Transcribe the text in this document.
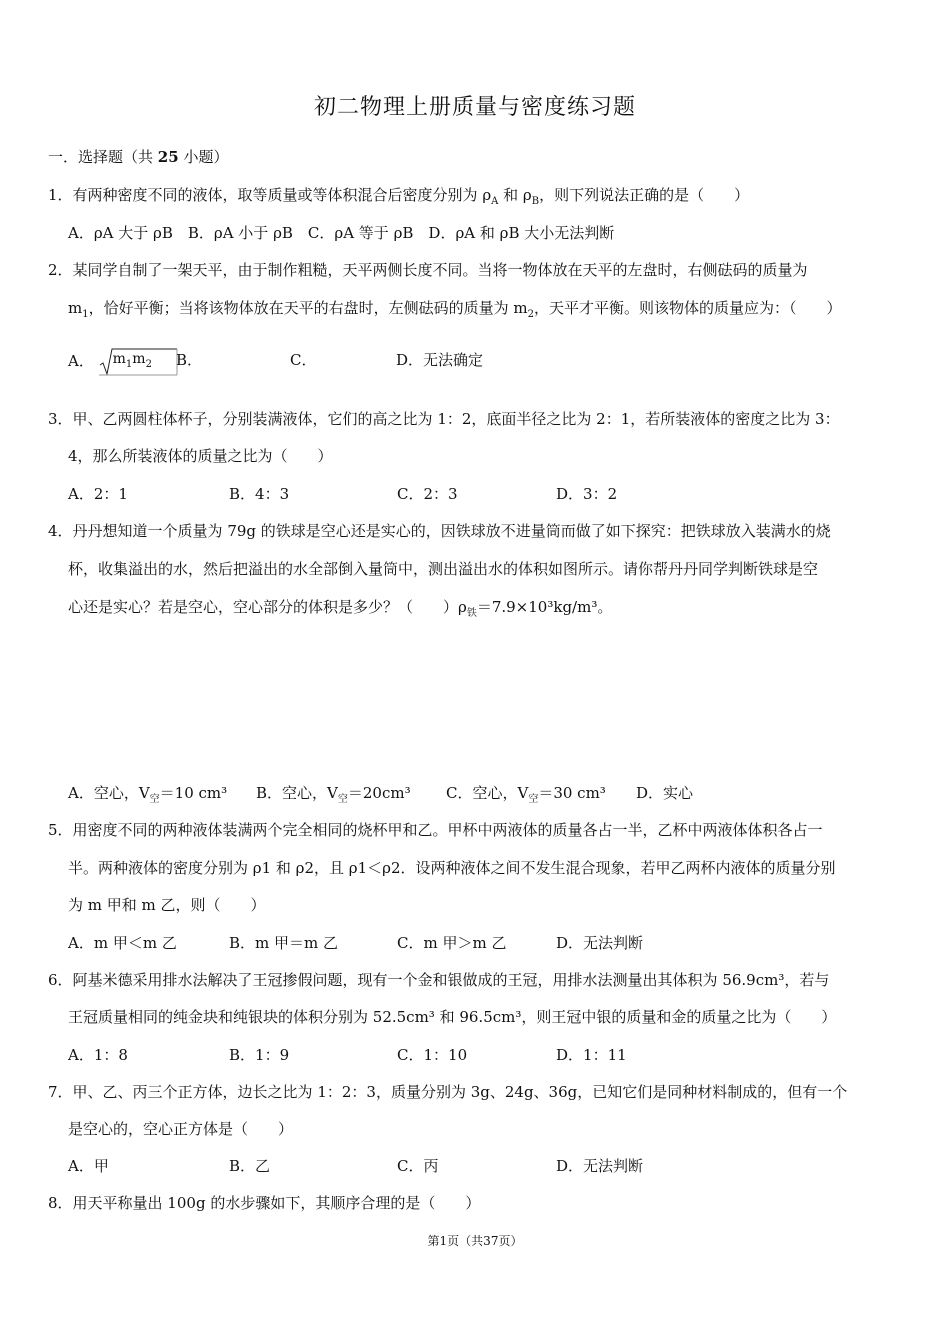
初二物理上册质量与密度练习题
一．选择题（共 25 小题）
1．有两种密度不同的液体，取等质量或等体积混合后密度分别为 $\rho_A$ 和 $\rho_B$，则下列说法正确的是（　　）
A．ρA 大于 ρB　B．ρA 小于 ρB　C．ρA 等于 ρB　D．ρA 和 ρB 大小无法判断
2．某同学自制了一架天平，由于制作粗糙，天平两侧长度不同。当将一物体放在天平的左盘时，右侧砝码的质量为
$m_1$，恰好平衡；当将该物体放在天平的右盘时，左侧砝码的质量为 $m_2$，天平才平衡。则该物体的质量应为：（　　）
A． $m_1m_2$ B．	C．	D．无法确定
3．甲、乙两圆柱体杯子，分别装满液体，它们的高之比为 1：2，底面半径之比为 2：1，若所装液体的密度之比为 3：
4，那么所装液体的质量之比为（　　）
A．2：1	B．4：3	C．2：3	D．3：2
4．丹丹想知道一个质量为 79g 的铁球是空心还是实心的，因铁球放不进量筒而做了如下探究：把铁球放入装满水的烧
杯，收集溢出的水，然后把溢出的水全部倒入量筒中，测出溢出水的体积如图所示。请你帮丹丹同学判断铁球是空
心还是实心？若是空心，空心部分的体积是多少？（　　）$\rho_铁=7.9\times 10^3kg/m^3$。
A．空心，$V_空=10$ cm³ B．空心，$V_空=20cm^3$ C．空心，$V_空=30$ cm³ D．实心
5．用密度不同的两种液体装满两个完全相同的烧杯甲和乙。甲杯中两液体的质量各占一半，乙杯中两液体体积各占一
半。两种液体的密度分别为 ρ1 和 ρ2，且 ρ1＜ρ2．设两种液体之间不发生混合现象，若甲乙两杯内液体的质量分别
为 m 甲和 m 乙，则（　　）
A．m 甲＜m 乙	B．m 甲＝m 乙	C．m 甲＞m 乙	D．无法判断
6．阿基米德采用排水法解决了王冠掺假问题，现有一个金和银做成的王冠，用排水法测量出其体积为 56.9cm³，若与
王冠质量相同的纯金块和纯银块的体积分别为 52.5cm³ 和 96.5cm³，则王冠中银的质量和金的质量之比为（　　）
A．1：8	B．1：9	C．1：10	D．1：11
7．甲、乙、丙三个正方体，边长之比为 1：2：3，质量分别为 3g、24g、36g，已知它们是同种材料制成的，但有一个
是空心的，空心正方体是（　　）
A．甲	B．乙	C．丙	D．无法判断
8．用天平称量出 100g 的水步骤如下，其顺序合理的是（　　）
第1页（共37页）
